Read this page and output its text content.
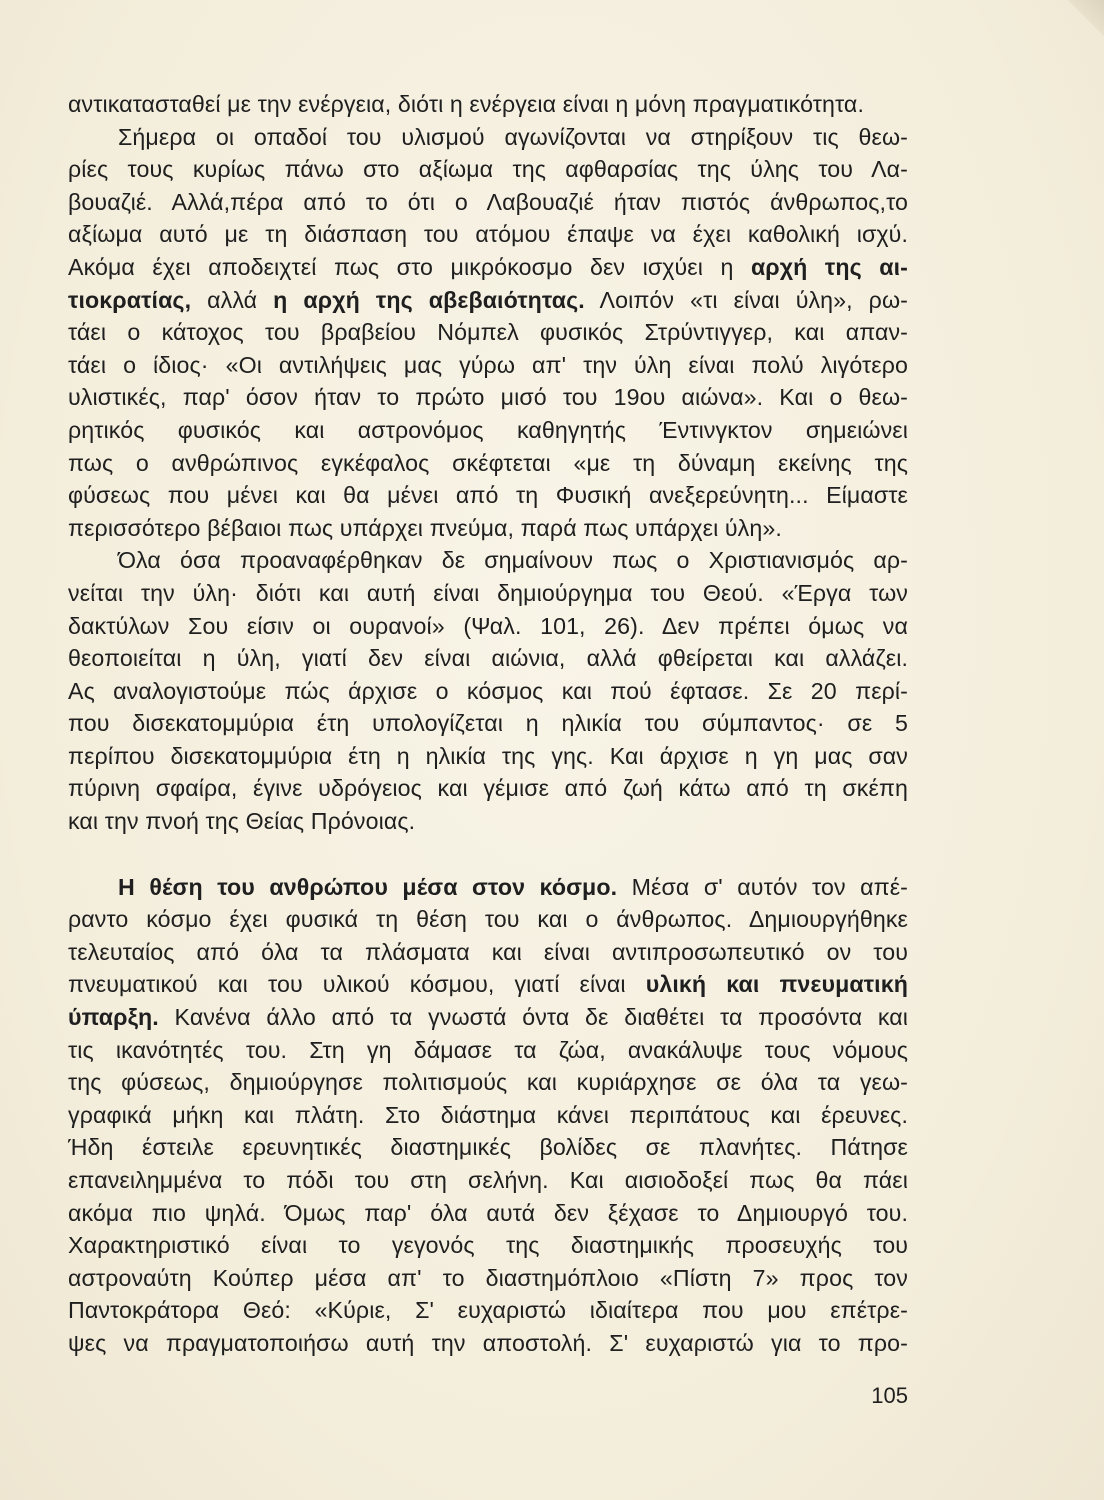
αντικατασταθεί με την ενέργεια, διότι η ενέργεια είναι η μόνη πραγματικότητα.
Σήμερα οι οπαδοί του υλισμού αγωνίζονται να στηρίξουν τις θεω-
ρίες τους κυρίως πάνω στο αξίωμα της αφθαρσίας της ύλης του Λα-
βουαζιέ. Αλλά,πέρα από το ότι ο Λαβουαζιέ ήταν πιστός άνθρωπος,το
αξίωμα αυτό με τη διάσπαση του ατόμου έπαψε να έχει καθολική ισχύ.
Ακόμα έχει αποδειχτεί πως στο μικρόκοσμο δεν ισχύει η αρχή της αι-
τιοκρατίας, αλλά η αρχή της αβεβαιότητας. Λοιπόν «τι είναι ύλη», ρω-
τάει ο κάτοχος του βραβείου Νόμπελ φυσικός Στρύντιγγερ, και απαν-
τάει ο ίδιος· «Οι αντιλήψεις μας γύρω απ' την ύλη είναι πολύ λιγότερο
υλιστικές, παρ' όσον ήταν το πρώτο μισό του 19ου αιώνα». Και ο θεω-
ρητικός φυσικός και αστρονόμος καθηγητής Έντινγκτον σημειώνει
πως ο ανθρώπινος εγκέφαλος σκέφτεται «με τη δύναμη εκείνης της
φύσεως που μένει και θα μένει από τη Φυσική ανεξερεύνητη... Είμαστε
περισσότερο βέβαιοι πως υπάρχει πνεύμα, παρά πως υπάρχει ύλη».
Όλα όσα προαναφέρθηκαν δε σημαίνουν πως ο Χριστιανισμός αρ-
νείται την ύλη· διότι και αυτή είναι δημιούργημα του Θεού. «Έργα των
δακτύλων Σου είσιν οι ουρανοί» (Ψαλ. 101, 26). Δεν πρέπει όμως να
θεοποιείται η ύλη, γιατί δεν είναι αιώνια, αλλά φθείρεται και αλλάζει.
Ας αναλογιστούμε πώς άρχισε ο κόσμος και πού έφτασε. Σε 20 περί-
που δισεκατομμύρια έτη υπολογίζεται η ηλικία του σύμπαντος· σε 5
περίπου δισεκατομμύρια έτη η ηλικία της γης. Και άρχισε η γη μας σαν
πύρινη σφαίρα, έγινε υδρόγειος και γέμισε από ζωή κάτω από τη σκέπη
και την πνοή της Θείας Πρόνοιας.
Η θέση του ανθρώπου μέσα στον κόσμο. Μέσα σ' αυτόν τον απέ-
ραντο κόσμο έχει φυσικά τη θέση του και ο άνθρωπος. Δημιουργήθηκε
τελευταίος από όλα τα πλάσματα και είναι αντιπροσωπευτικό ον του
πνευματικού και του υλικού κόσμου, γιατί είναι υλική και πνευματική
ύπαρξη. Κανένα άλλο από τα γνωστά όντα δε διαθέτει τα προσόντα και
τις ικανότητές του. Στη γη δάμασε τα ζώα, ανακάλυψε τους νόμους
της φύσεως, δημιούργησε πολιτισμούς και κυριάρχησε σε όλα τα γεω-
γραφικά μήκη και πλάτη. Στο διάστημα κάνει περιπάτους και έρευνες.
Ήδη έστειλε ερευνητικές διαστημικές βολίδες σε πλανήτες. Πάτησε
επανειλημμένα το πόδι του στη σελήνη. Και αισιοδοξεί πως θα πάει
ακόμα πιο ψηλά. Όμως παρ' όλα αυτά δεν ξέχασε το Δημιουργό του.
Χαρακτηριστικό είναι το γεγονός της διαστημικής προσευχής του
αστροναύτη Κούπερ μέσα απ' το διαστημόπλοιο «Πίστη 7» προς τον
Παντοκράτορα Θεό: «Κύριε, Σ' ευχαριστώ ιδιαίτερα που μου επέτρε-
ψες να πραγματοποιήσω αυτή την αποστολή. Σ' ευχαριστώ για το προ-
105
